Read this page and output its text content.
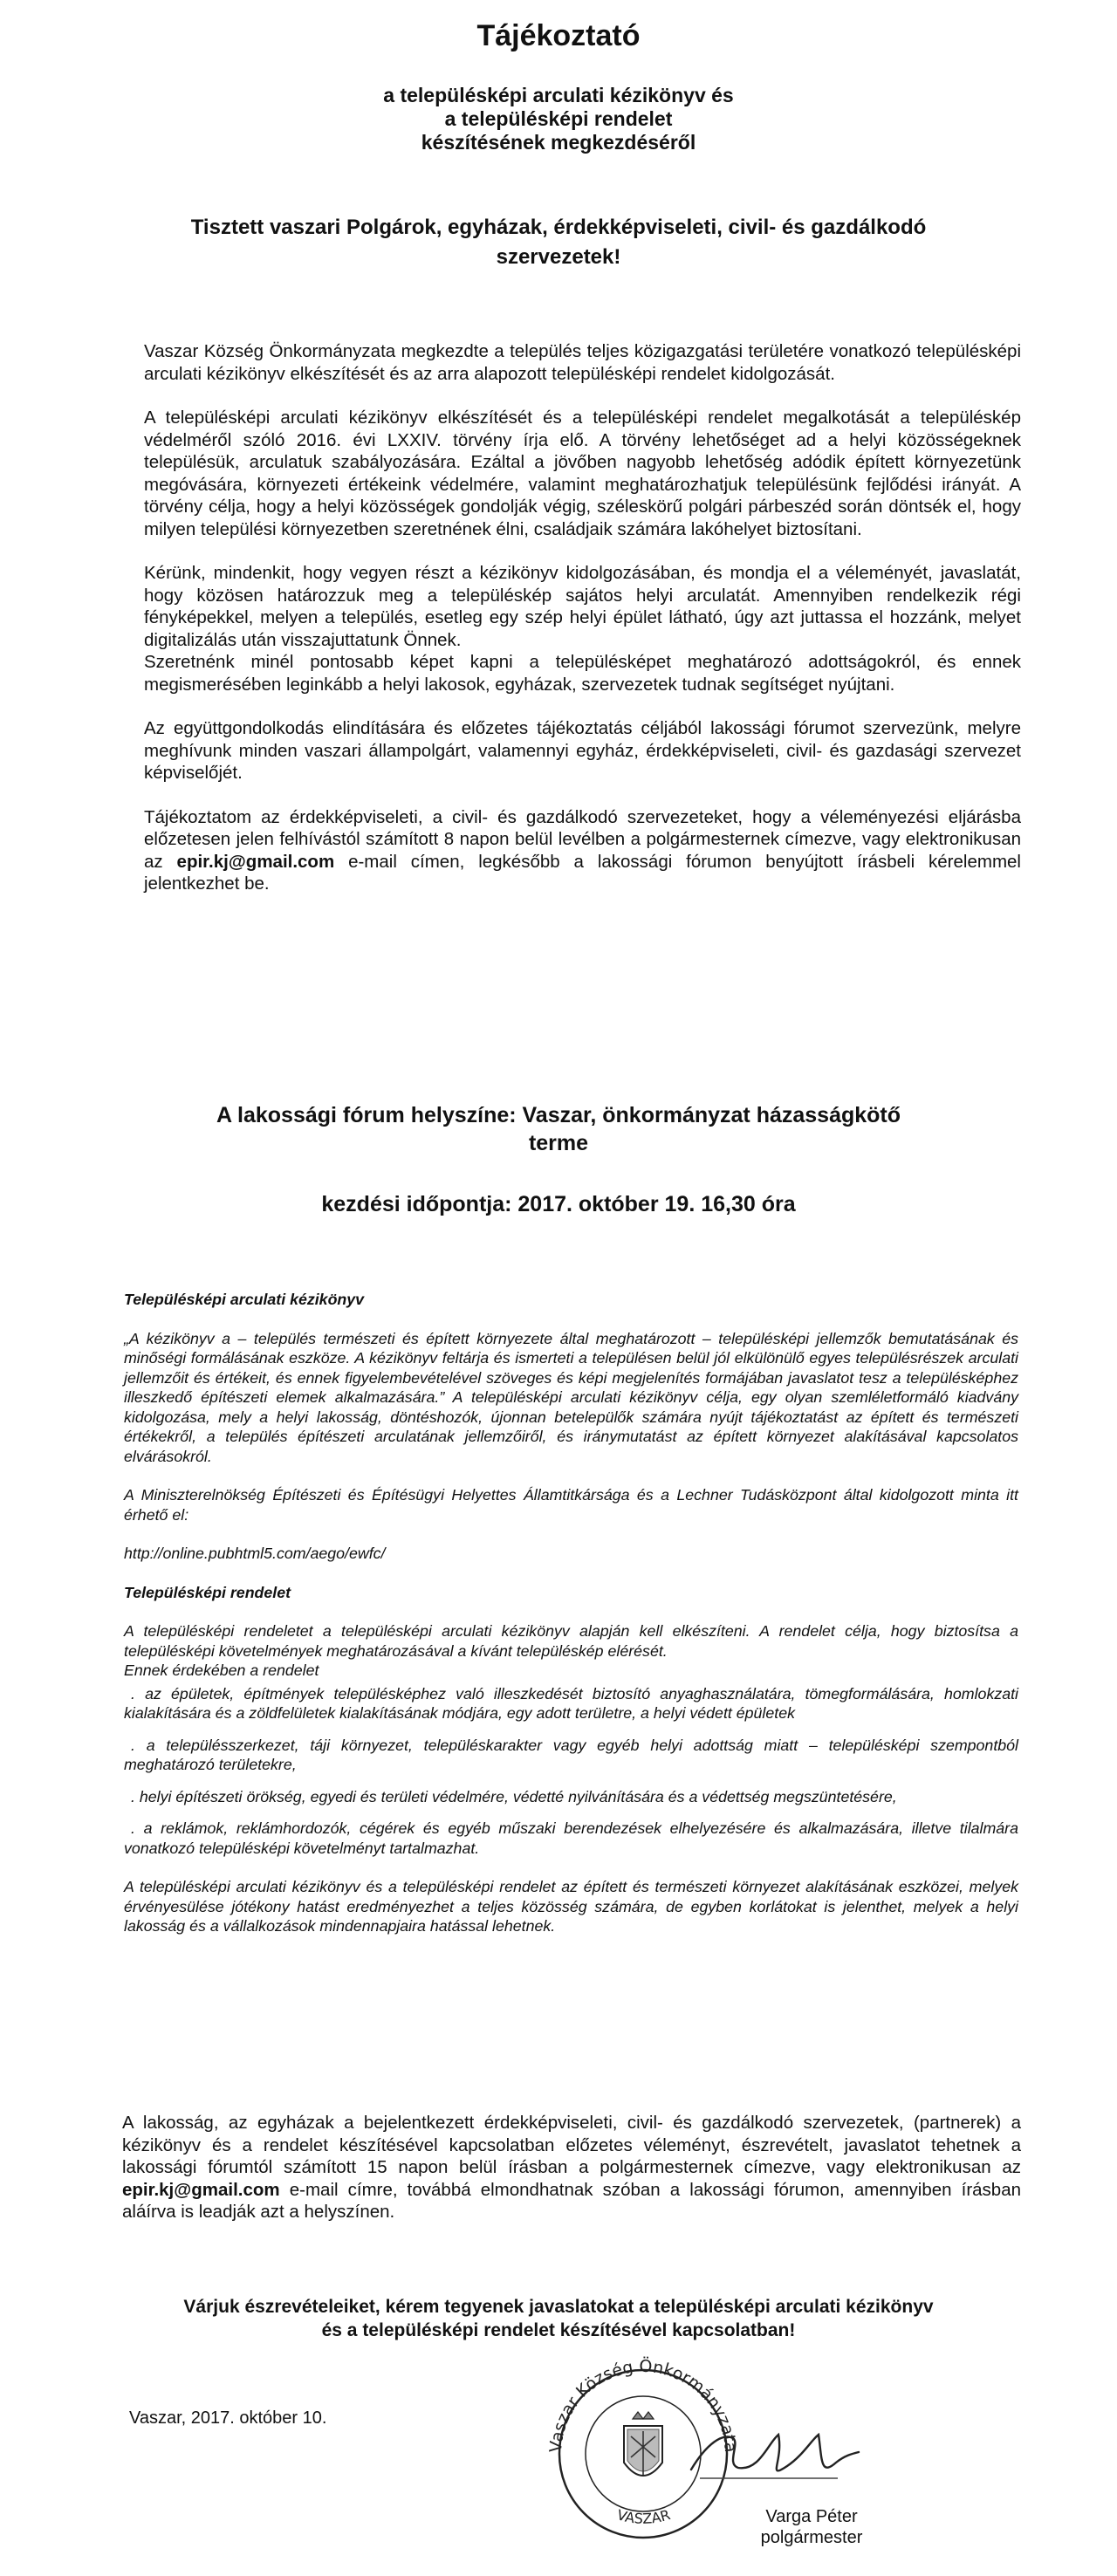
Tájékoztató
a településképi arculati kézikönyv és
a településképi rendelet
készítésének megkezdéséről
Tisztett vaszari Polgárok, egyházak, érdekképviseleti, civil- és gazdálkodó
szervezetek!

Vaszar Község Önkormányzata megkezdte a település teljes közigazgatási területére vonatkozó településképi arculati kézikönyv elkészítését és az arra alapozott településképi rendelet kidolgozását.

A településképi arculati kézikönyv elkészítését és a településképi rendelet megalkotását a településkép védelméről szóló 2016. évi LXXIV. törvény írja elő. A törvény lehetőséget ad a helyi közösségeknek településük, arculatuk szabályozására. Ezáltal a jövőben nagyobb lehetőség adódik épített környezetünk megóvására, környezeti értékeink védelmére, valamint meghatározhatjuk településünk fejlődési irányát. A törvény célja, hogy a helyi közösségek gondolják végig, széleskörű polgári párbeszéd során döntsék el, hogy milyen települési környezetben szeretnének élni, családjaik számára lakóhelyet biztosítani.

Kérünk, mindenkit, hogy vegyen részt a kézikönyv kidolgozásában, és mondja el a véleményét, javaslatát, hogy közösen határozzuk meg a településkép sajátos helyi arculatát. Amennyiben rendelkezik régi fényképekkel, melyen a település, esetleg egy szép helyi épület látható, úgy azt juttassa el hozzánk, melyet digitalizálás után visszajuttatunk Önnek.

Szeretnénk minél pontosabb képet kapni a településképet meghatározó adottságokról, és ennek megismerésében leginkább a helyi lakosok, egyházak, szervezetek tudnak segítséget nyújtani.

Az együttgondolkodás elindítására és előzetes tájékoztatás céljából lakossági fórumot szervezünk, melyre meghívunk minden vaszari állampolgárt, valamennyi egyház, érdekképviseleti, civil- és gazdasági szervezet képviselőjét.

Tájékoztatom az érdekképviseleti, a civil- és gazdálkodó szervezeteket, hogy a véleményezési eljárásba előzetesen jelen felhívástól számított 8 napon belül levélben a polgármesternek címezve, vagy elektronikusan az epir.kj@gmail.com e-mail címen, legkésőbb a lakossági fórumon benyújtott írásbeli kérelemmel jelentkezhet be.

A lakossági fórum helyszíne: Vaszar, önkormányzat házasságkötő
terme
kezdési időpontja: 2017. október 19. 16,30 óra

Településképi arculati kézikönyv

„A kézikönyv a – település természeti és épített környezete által meghatározott – településképi jellemzők bemutatásának és minőségi formálásának eszköze. A kézikönyv feltárja és ismerteti a településen belül jól elkülönülő egyes településrészek arculati jellemzőit és értékeit, és ennek figyelembevételével szöveges és képi megjelenítés formájában javaslatot tesz a településképhez illeszkedő építészeti elemek alkalmazására.” A településképi arculati kézikönyv célja, egy olyan szemléletformáló kiadvány kidolgozása, mely a helyi lakosság, döntéshozók, újonnan betelepülők számára nyújt tájékoztatást az épített és természeti értékekről, a település építészeti arculatának jellemzőiről, és iránymutatást az épített környezet alakításával kapcsolatos elvárásokról.

A Miniszterelnökség Építészeti és Építésügyi Helyettes Államtitkársága és a Lechner Tudásközpont által kidolgozott minta itt érhető el:

http://online.pubhtml5.com/aego/ewfc/

Településképi rendelet

A településképi rendeletet a településképi arculati kézikönyv alapján kell elkészíteni. A rendelet célja, hogy biztosítsa a településképi követelmények meghatározásával a kívánt településkép elérését.

Ennek érdekében a rendelet

. az épületek, építmények településképhez való illeszkedését biztosító anyaghasználatára, tömegformálására, homlokzati kialakítására és a zöldfelületek kialakításának módjára, egy adott területre, a helyi védett épületek

. a településszerkezet, táji környezet, településkarakter vagy egyéb helyi adottság miatt – településképi szempontból meghatározó területekre,

. helyi építészeti örökség, egyedi és területi védelmére, védetté nyilvánítására és a védettség megszüntetésére,

. a reklámok, reklámhordozók, cégérek és egyéb műszaki berendezések elhelyezésére és alkalmazására, illetve tilalmára vonatkozó településképi követelményt tartalmazhat.

A településképi arculati kézikönyv és a településképi rendelet az épített és természeti környezet alakításának eszközei, melyek érvényesülése jótékony hatást eredményezhet a teljes közösség számára, de egyben korlátokat is jelenthet, melyek a helyi lakosság és a vállalkozások mindennapjaira hatással lehetnek.

A lakosság, az egyházak a bejelentkezett érdekképviseleti, civil- és gazdálkodó szervezetek, (partnerek) a kézikönyv és a rendelet készítésével kapcsolatban előzetes véleményt, észrevételt, javaslatot tehetnek a lakossági fórumtól számított 15 napon belül írásban a polgármesternek címezve, vagy elektronikusan az epir.kj@gmail.com e-mail címre, továbbá elmondhatnak szóban a lakossági fórumon, amennyiben írásban aláírva is leadják azt a helyszínen.

Várjuk észrevételeiket, kérem tegyenek javaslatokat a településképi arculati kézikönyv
és a településképi rendelet készítésével kapcsolatban!
Vaszar, 2017. október 10.
Vaszar Község Önkormányzata
VASZAR	Varga Péter
polgármester
